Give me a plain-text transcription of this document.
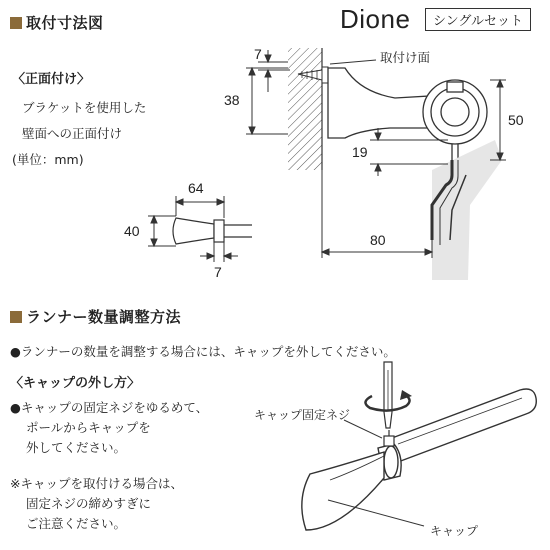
取付寸法図	Dione	シングルセット
〈正面付け〉
ブラケットを使用した
壁面への正面付け
(単位：mm)
取付け面
7
38
50
19
80
64
40
7
ランナー数量調整方法
●ランナーの数量を調整する場合には、キャップを外してください。
〈キャップの外し方〉
●キャップの固定ネジをゆるめて、
ポールからキャップを
外してください。
※キャップを取付ける場合は、
固定ネジの締めすぎに
ご注意ください。
キャップ固定ネジ
キャップ
